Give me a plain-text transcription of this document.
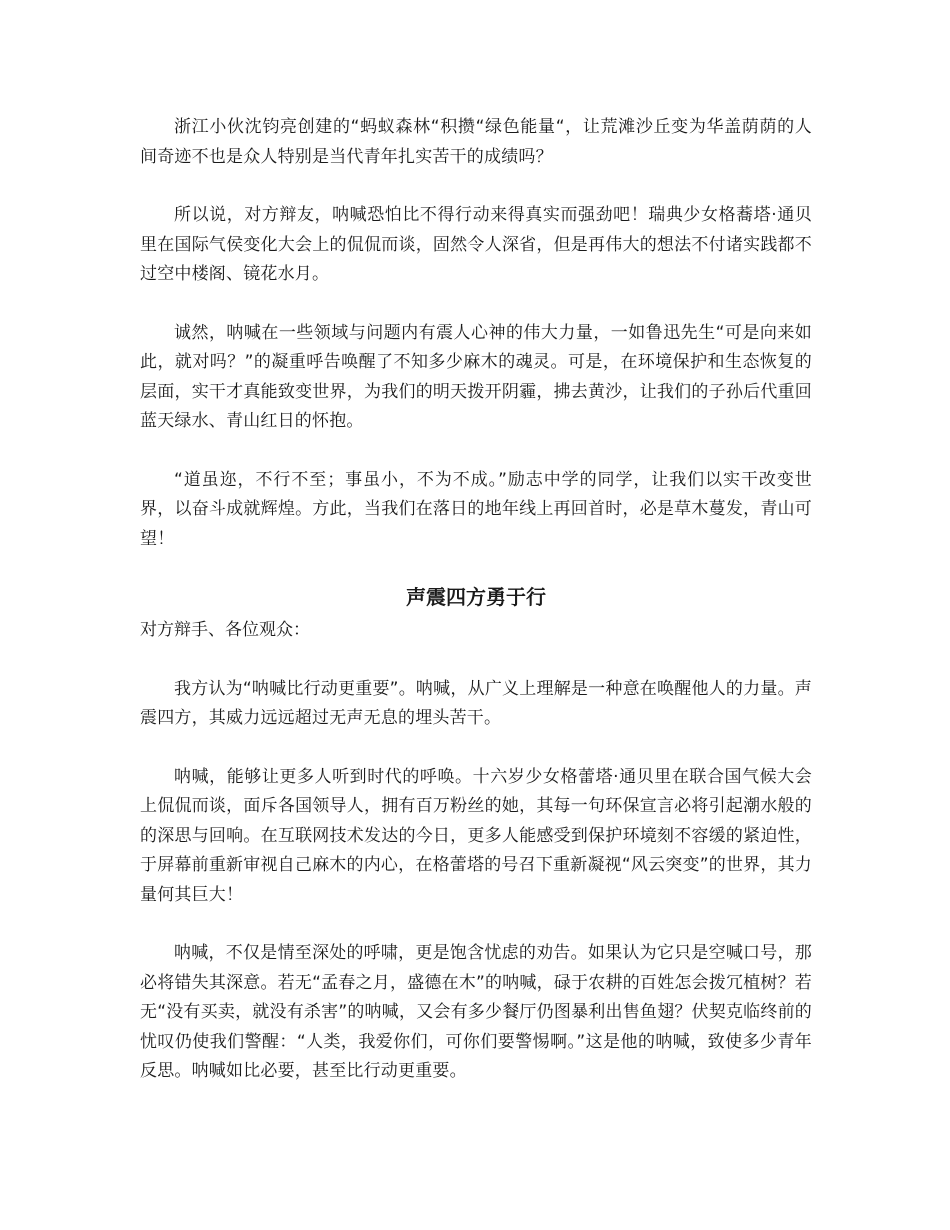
浙江小伙沈钧亮创建的“蚂蚁森林“积攒“绿色能量“，让荒滩沙丘变为华盖荫荫的人间奇迹不也是众人特别是当代青年扎实苦干的成绩吗？

所以说，对方辩友，呐喊恐怕比不得行动来得真实而强劲吧！瑞典少女格蕎塔·通贝里在国际气侯变化大会上的侃侃而谈，固然令人深省，但是再伟大的想法不付诸实践都不过空中楼阁、镜花水月。

诚然，呐喊在一些领域与问题内有震人心神的伟大力量，一如鲁迅先生“可是向来如此，就对吗？”的凝重呼告唤醒了不知多少麻木的魂灵。可是，在环境保护和生态恢复的层面，实干才真能致变世界，为我们的明天拨开阴霾，拂去黄沙，让我们的子孙后代重回蓝天绿水、青山红日的怀抱。

“道虽迩，不行不至；事虽小，不为不成。”励志中学的同学，让我们以实干改变世界，以奋斗成就辉煌。方此，当我们在落日的地年线上再回首时，必是草木蔓发，青山可望！

声震四方勇于行

对方辩手、各位观众：

我方认为“呐喊比行动更重要”。呐喊，从广义上理解是一种意在唤醒他人的力量。声震四方，其威力远远超过无声无息的埋头苦干。

呐喊，能够让更多人听到时代的呼唤。十六岁少女格蕾塔·通贝里在联合国气候大会上侃侃而谈，面斥各国领导人，拥有百万粉丝的她，其每一句环保宣言必将引起潮水般的的深思与回响。在互联网技术发达的今日，更多人能感受到保护环境刻不容缓的紧迫性，于屏幕前重新审视自己麻木的内心，在格蕾塔的号召下重新凝视“风云突变”的世界，其力量何其巨大！

呐喊，不仅是情至深处的呼啸，更是饱含忧虑的劝告。如果认为它只是空喊口号，那必将错失其深意。若无“孟春之月，盛德在木”的呐喊，碌于农耕的百姓怎会拨冗植树？若无“没有买卖，就没有杀害”的呐喊，又会有多少餐厅仍图暴利出售鱼翅？伏契克临终前的忧叹仍使我们警醒：“人类，我爱你们，可你们要警惕啊。”这是他的呐喊，致使多少青年反思。呐喊如比必要，甚至比行动更重要。
